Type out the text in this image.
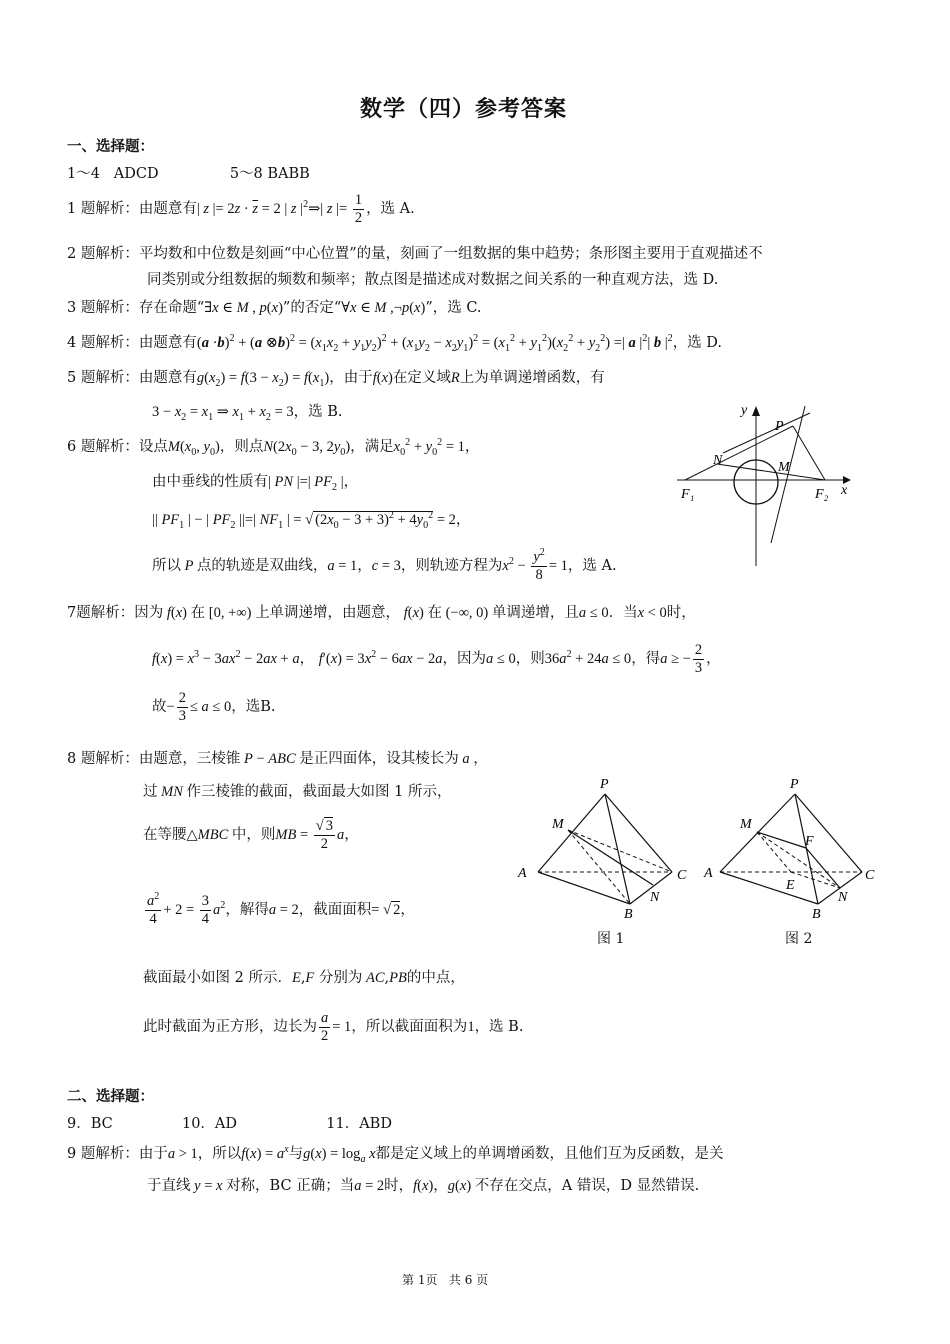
数学（四）参考答案
一、选择题：
1～4 ADCD	5～8 BABB
1 题解析：由题意有| z |= $2z \cdot \overline{z} = 2$ | z $|^2\Rightarrow|$ z |= $\frac{1}{2}$ ，选 A.
2 题解析：平均数和中位数是刻画“中心位置”的量，刻画了一组数据的集中趋势；条形图主要用于直观描述不
同类别或分组数据的频数和频率；散点图是描述成对数据之间关系的一种直观方法，选 D.
3 题解析：存在命题“∃x ∈ M , p(x)”的否定“∀x ∈ M ,¬p(x)”，选 C.
4 题解析：由题意有$(a \cdot b)^2 + (a$ ⊗b)$^2$ = $(x_1x_2 + y_1y_2)^2 + (x_1y_2 - x_2y_1)^2 = (x_1^2 + y_1^2)(x_2^2 + y_2^2)$ =| a $|^2|$ b $|^2$，选 D.
5 题解析：由题意有$g(x_2) = f(3 - x_2) = f(x_1)$，由于f(x)在定义域R上为单调递增函数，有
$3 - x_2 = x_1$ ⇒ $x_1 + x_2 = 3$，选 B.
6 题解析：设点$M(x_0$, $y_0$)，则点$N(2x_0 - 3$, $2y_0$)，满足$x_0^2 + y_0^2 = 1$，
由中垂线的性质有| PN |=| $PF_2$ |，
|| $PF_1$ | − | $PF_2$ ||=| $NF_1$ | = √ $(2x_0 - 3 + 3)^2 + 4y_0^2 = 2$，
所以 P 点的轨迹是双曲线，a = 1，c = 3，则轨迹方程为$x^2 - \frac{y^2}{8} = 1$，选 A.
y
x
P
N	M
F₁	F₂
7题解析：因为 f(x) 在 [0, +∞) 上单调递增，由题意， f(x) 在 (−∞, 0) 单调递增，且a ≤ 0．当x < 0时，
$f(x) = x^3 - 3ax^2 - 2ax + a$， $f'(x) = 3x^2 - 6ax - 2a$，因为a ≤ 0，则$36a^2 + 24a \le 0$，得a ≥ − $\frac{2}{3}$ ，
故− $\frac{2}{3} \le a \le 0$，选B.
8 题解析：由题意，三棱锥 P − ABC 是正四面体，设其棱长为 a ，
过 MN 作三棱锥的截面，截面最大如图 1 所示，
在等腰△MBC 中，则MB = $\frac{√ 3}{2}$ a，
$\frac{a^2}{4} + 2 = \frac{3}{4} a^2$，解得a = 2，截面面积= √ 2，
截面最小如图 2 所示．E,F 分别为 AC,PB的中点，
此时截面为正方形，边长为 $\frac{a}{2} = 1$，所以截面面积为1，选 B.
P
M
A	C
N
B
图 1
P
M
F
A
E
C
N
B
图 2
二、选择题：
9．BC	10．AD	11．ABD
9 题解析：由于a > 1，所以$f(x) = a^x$与$g(x) = \log_a x$都是定义域上的单调增函数，且他们互为反函数，是关
于直线 y = x 对称，BC 正确；当a = 2时，f(x)，g(x) 不存在交点，A 错误，D 显然错误.
第 1页 共 6 页
